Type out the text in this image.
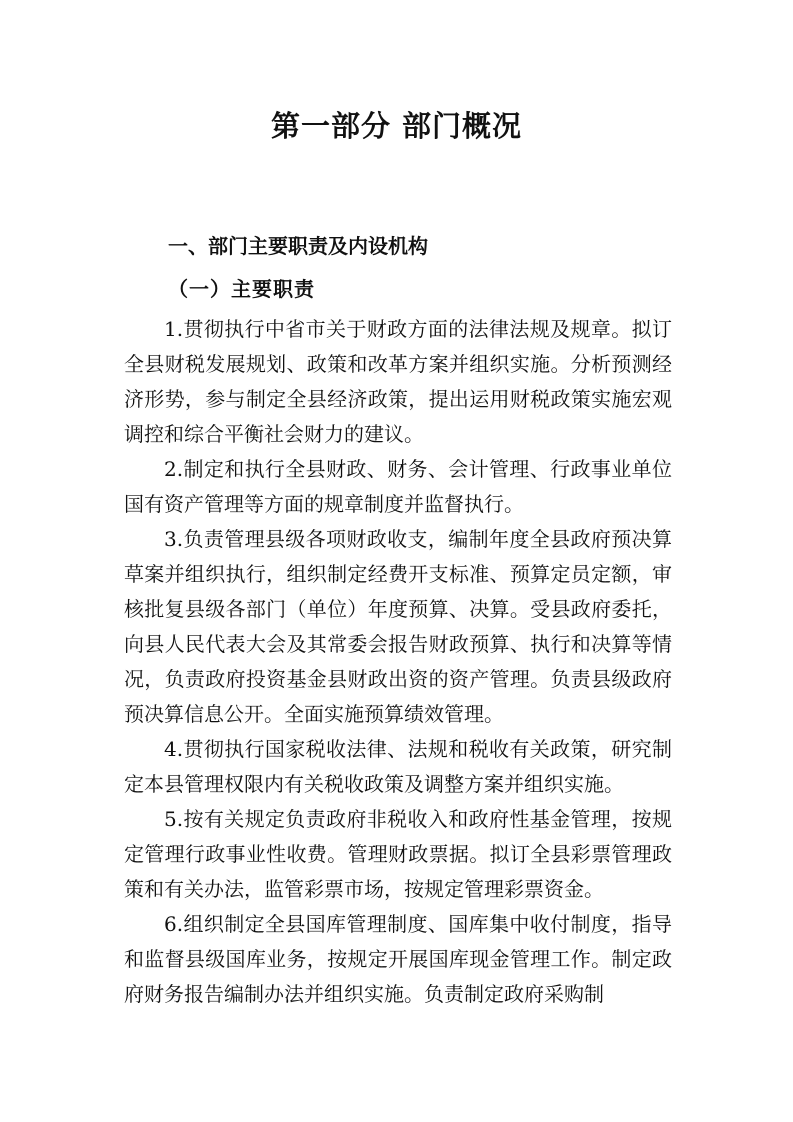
第一部分 部门概况
一、部门主要职责及内设机构
（一）主要职责

1.贯彻执行中省市关于财政方面的法律法规及规章。拟订全县财税发展规划、政策和改革方案并组织实施。分析预测经济形势，参与制定全县经济政策，提出运用财税政策实施宏观调控和综合平衡社会财力的建议。

2.制定和执行全县财政、财务、会计管理、行政事业单位国有资产管理等方面的规章制度并监督执行。

3.负责管理县级各项财政收支，编制年度全县政府预决算草案并组织执行，组织制定经费开支标准、预算定员定额，审核批复县级各部门（单位）年度预算、决算。受县政府委托，向县人民代表大会及其常委会报告财政预算、执行和决算等情况，负责政府投资基金县财政出资的资产管理。负责县级政府预决算信息公开。全面实施预算绩效管理。

4.贯彻执行国家税收法律、法规和税收有关政策，研究制定本县管理权限内有关税收政策及调整方案并组织实施。

5.按有关规定负责政府非税收入和政府性基金管理，按规定管理行政事业性收费。管理财政票据。拟订全县彩票管理政策和有关办法，监管彩票市场，按规定管理彩票资金。

6.组织制定全县国库管理制度、国库集中收付制度，指导和监督县级国库业务，按规定开展国库现金管理工作。制定政府财务报告编制办法并组织实施。负责制定政府采购制
